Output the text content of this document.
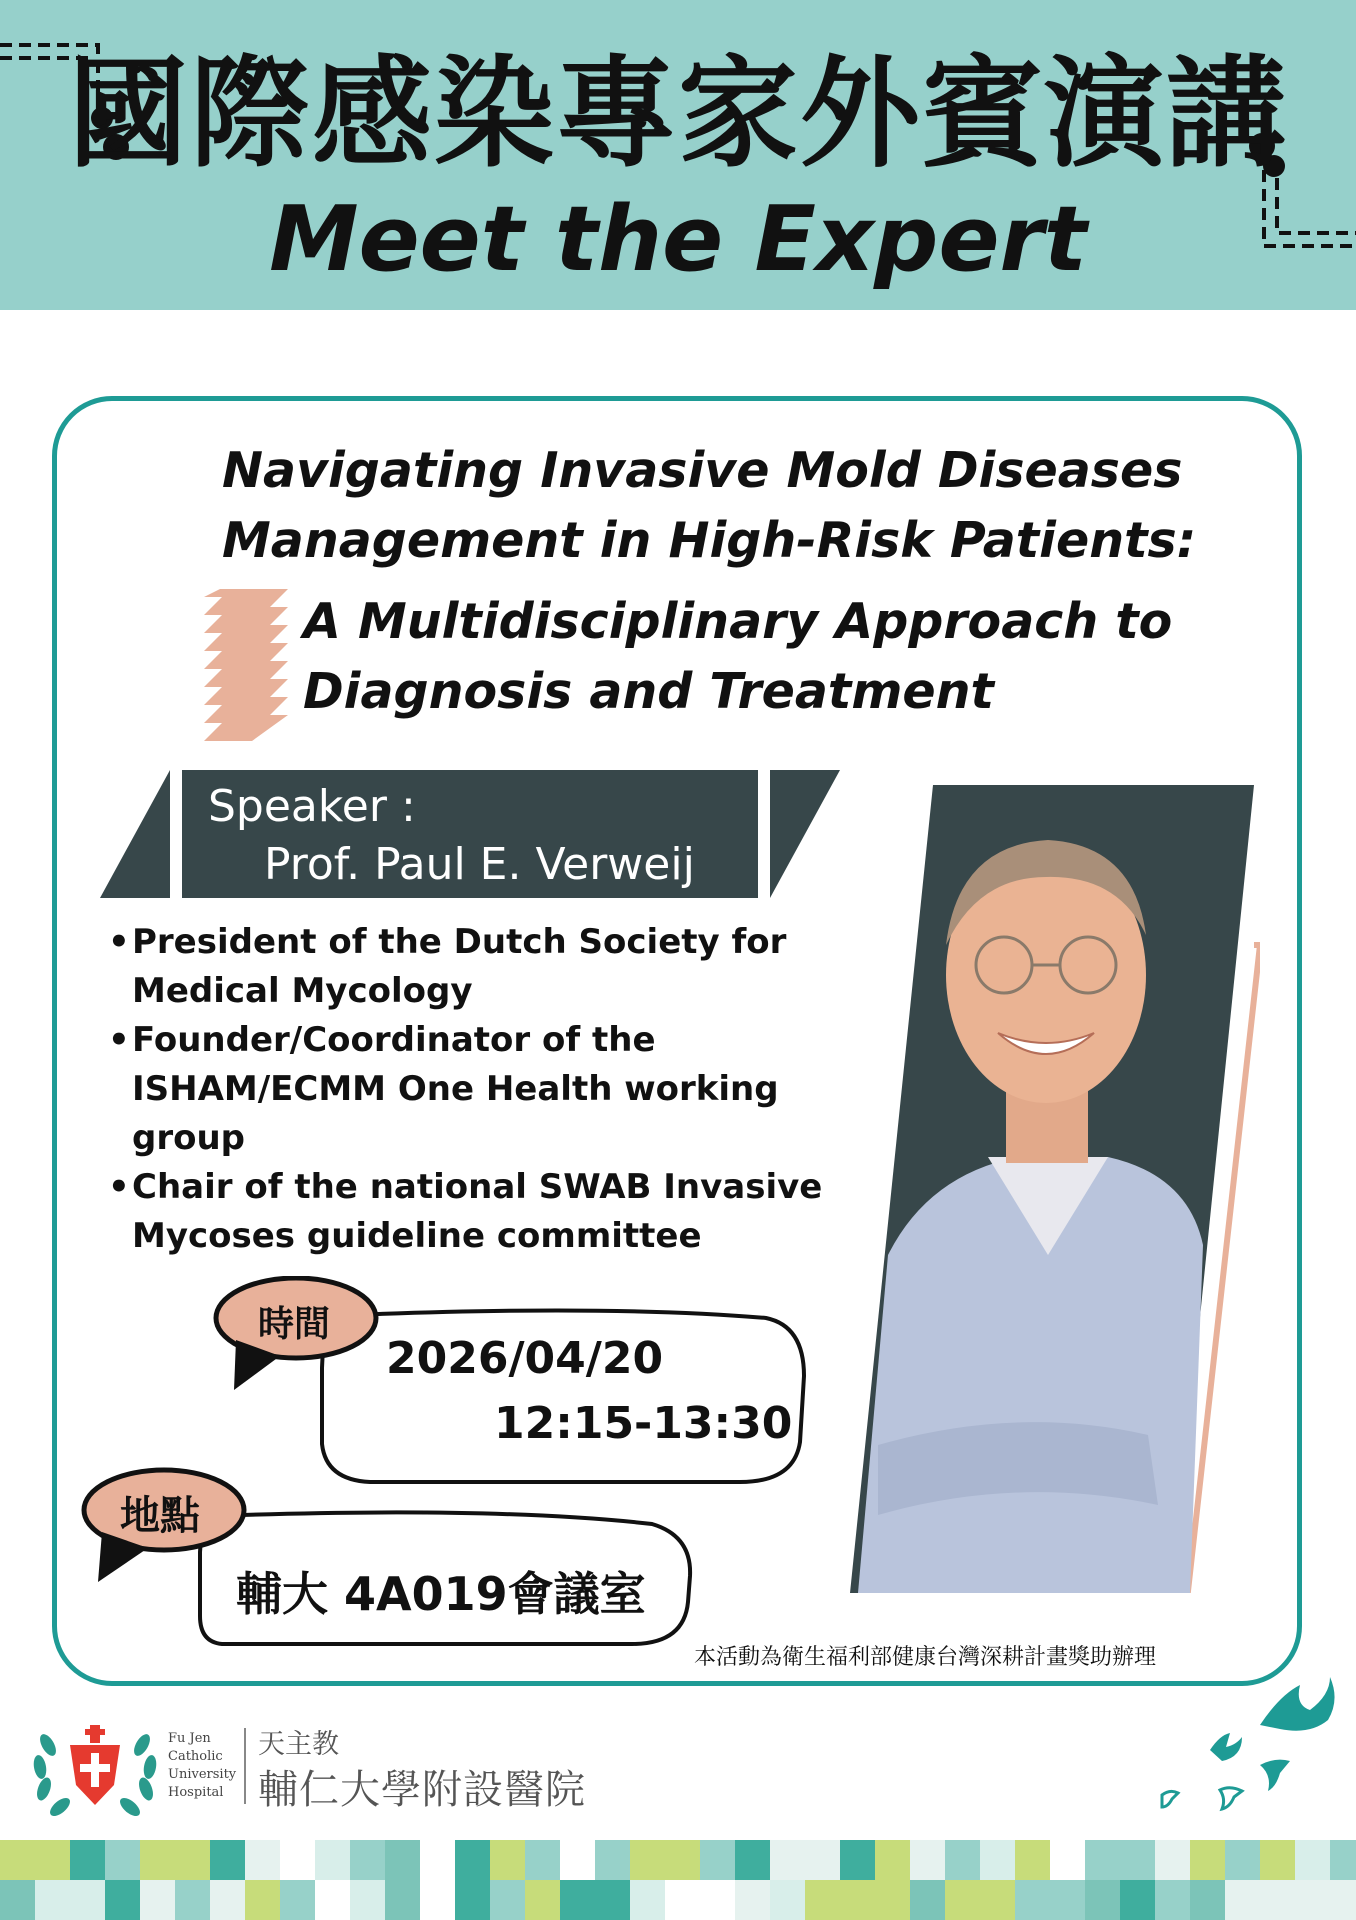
國際感染專家外賓演講
Meet the Expert
Navigating Invasive Mold Diseases
Management in High-Risk Patients:
A Multidisciplinary Approach to
Diagnosis and Treatment
Speaker :
Prof. Paul E. Verweij
• President of the Dutch Society for Medical Mycology
• Founder/Coordinator of the ISHAM/ECMM One Health working group
• Chair of the national SWAB Invasive Mycoses guideline committee
時間
2026/04/20
12:15-13:30
地點
輔大 4A019會議室
本活動為衛生福利部健康台灣深耕計畫獎助辦理
Fu Jen
Catholic
University
Hospital
天主教
輔仁大學附設醫院
